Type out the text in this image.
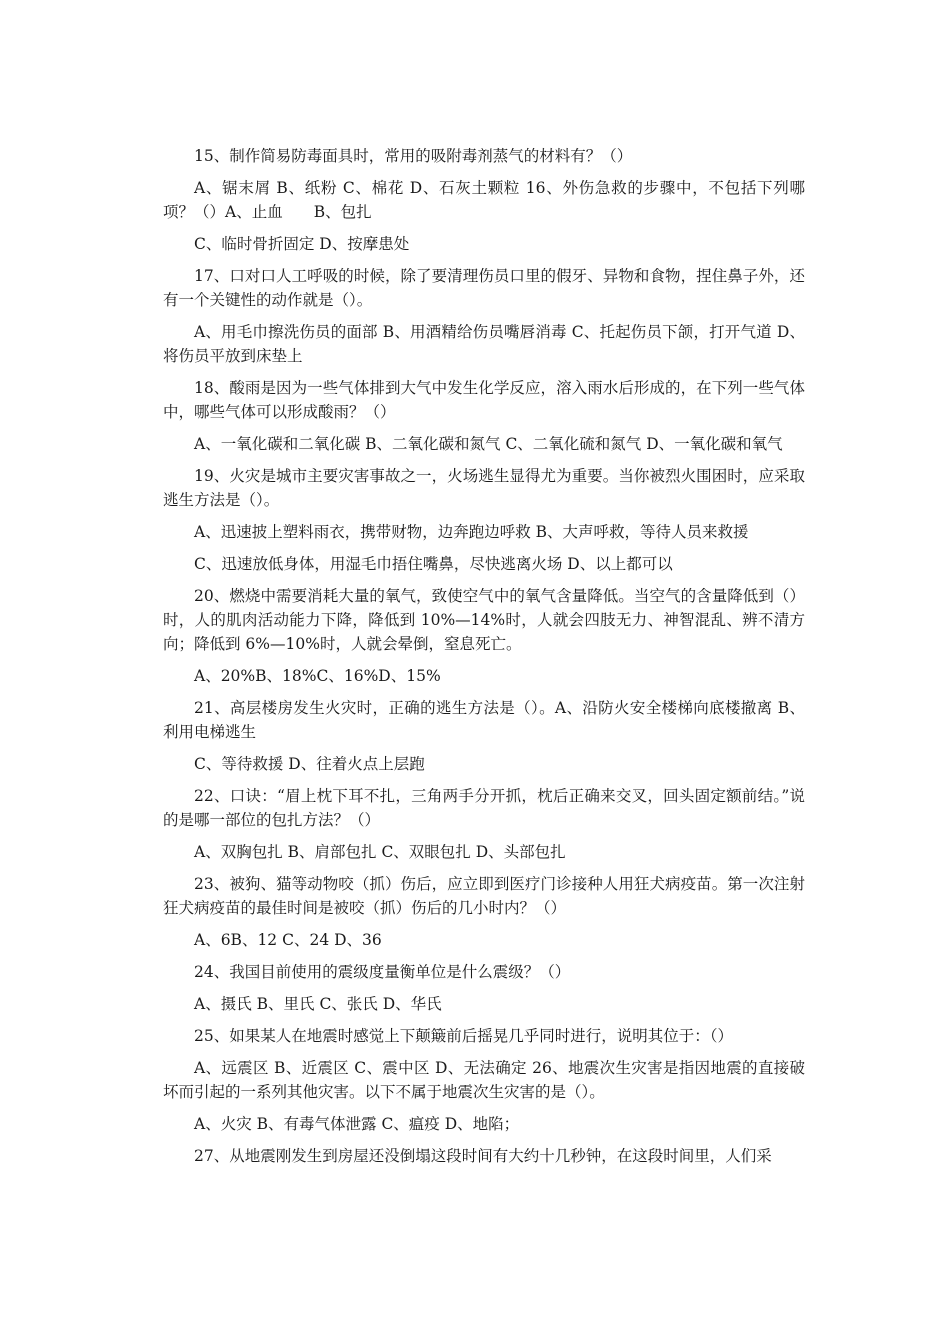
15、制作简易防毒面具时，常用的吸附毒剂蒸气的材料有？（）

A、锯末屑 B、纸粉 C、棉花 D、石灰土颗粒 16、外伤急救的步骤中，不包括下列哪项？（）A、止血　　B、包扎

C、临时骨折固定 D、按摩患处

17、口对口人工呼吸的时候，除了要清理伤员口里的假牙、异物和食物，捏住鼻子外，还有一个关键性的动作就是（）。

A、用毛巾擦洗伤员的面部 B、用酒精给伤员嘴唇消毒 C、托起伤员下颌，打开气道 D、将伤员平放到床垫上

18、酸雨是因为一些气体排到大气中发生化学反应，溶入雨水后形成的，在下列一些气体中，哪些气体可以形成酸雨？（）

A、一氧化碳和二氧化碳 B、二氧化碳和氮气 C、二氧化硫和氮气 D、一氧化碳和氧气

19、火灾是城市主要灾害事故之一，火场逃生显得尤为重要。当你被烈火围困时，应采取逃生方法是（）。

A、迅速披上塑料雨衣，携带财物，边奔跑边呼救 B、大声呼救，等待人员来救援

C、迅速放低身体，用湿毛巾捂住嘴鼻，尽快逃离火场 D、以上都可以

20、燃烧中需要消耗大量的氧气，致使空气中的氧气含量降低。当空气的含量降低到（）时，人的肌肉活动能力下降，降低到 10%—14%时，人就会四肢无力、神智混乱、辨不清方向；降低到 6%—10%时，人就会晕倒，窒息死亡。

A、20%B、18%C、16%D、15%

21、高层楼房发生火灾时，正确的逃生方法是（）。A、沿防火安全楼梯向底楼撤离 B、利用电梯逃生

C、等待救援 D、往着火点上层跑

22、口诀：“眉上枕下耳不扎，三角两手分开抓，枕后正确来交叉，回头固定额前结。”说的是哪一部位的包扎方法？（）

A、双胸包扎 B、肩部包扎 C、双眼包扎 D、头部包扎

23、被狗、猫等动物咬（抓）伤后，应立即到医疗门诊接种人用狂犬病疫苗。第一次注射狂犬病疫苗的最佳时间是被咬（抓）伤后的几小时内？（）

A、6B、12 C、24 D、36

24、我国目前使用的震级度量衡单位是什么震级？（）

A、摄氏 B、里氏 C、张氏 D、华氏

25、如果某人在地震时感觉上下颠簸前后摇晃几乎同时进行，说明其位于：（）

A、远震区 B、近震区 C、震中区 D、无法确定 26、地震次生灾害是指因地震的直接破坏而引起的一系列其他灾害。以下不属于地震次生灾害的是（）。

A、火灾 B、有毒气体泄露 C、瘟疫 D、地陷；

27、从地震刚发生到房屋还没倒塌这段时间有大约十几秒钟，在这段时间里，人们采
